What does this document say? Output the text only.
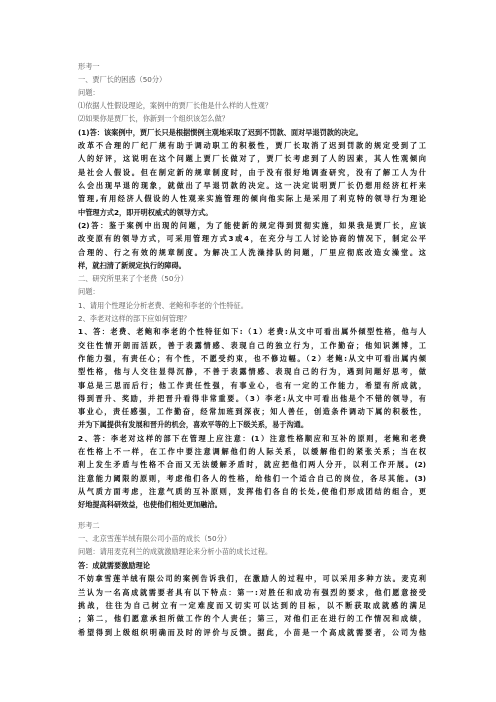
形考一
一、贾厂长的困惑（50分）
问题：
⑴依据人性假设理论，案例中的贾厂长他是什么样的人性观？
⑵如果你是贾厂长，你新到一个组织该怎么做？
(1)答：该案例中，贾厂长只是根据惯例主观地采取了迟到不罚款、面对早退罚款的决定。
改革不合理的厂纪厂规有助于调动职工的积极性，贾厂长取消了迟到罚款的规定受到了工
人的好评，这说明在这个问题上贾厂长做对了，贾厂长考虑到了人的因素，其人性观倾向
是社会人假设。但在制定新的规章制度时，由于没有很好地调查研究，没有了解工人为什
么会出现早退的现象，就做出了早退罚款的决定。这一决定说明贾厂长仍想用经济杠杆来
管理,有用经济人假设的人性观来实施管理的倾向他实际上是采用了利克特的领导行为理论
中管理方式2，即开明权威式的领导方式。
(2)答：鉴于案例中出现的问题，为了能使新的规定得到贯彻实施，如果我是贾厂长，应该
改变原有的领导方式，可采用管理方式3或4，在充分与工人讨论协商的情况下，制定公平
合理的、行之有效的规章制度。为解决工人洗澡排队的问题，厂里应彻底改造女澡堂。这
样，就扫清了新规定执行的障碍。
二、研究所里来了个老费（50分）
问题：
1、请用个性理论分析老费、老鲍和李老的个性特征。
2、李老对这样的部下应如何管理？
1、答：老费、老鲍和李老的个性特征如下:（1）老费:从文中可看出属外倾型性格，他与人
交往性情开朗而活跃，善于表露情感、表现自己的独立行为，工作勤奋；他知识渊博，工
作能力强，有责任心；有个性，不愿受约束，也不修边幅。（2）老鲍:从文中可看出属内倾
型性格，他与人交往显得沉静，不善于表露情感、表现自己的行为，遇到问题好思考，做
事总是三思而后行；他工作责任性强，有事业心，也有一定的工作能力，希望有所成就，
得到晋升、奖励，并把晋升看得非常重要。（3）李老:从文中可看出他是个不错的领导，有
事业心，责任感强，工作勤奋，经常加班到深夜；知人善任，创造条件调动下属的积极性，
并为下属提供有发展和晋升的机会，喜欢平等的上下级关系，易于沟通。
2、答：李老对这样的部下在管理上应注意：(1）注意性格顺应和互补的原则，老鲍和老费
在性格上不一样，在工作中要注意调解他们的人际关系，以缓解他们的紧张关系；当在权
利上发生矛盾与性格不合而又无法缓解矛盾时，就应把他们两人分开，以利工作开展。(2)
注意能力阈限的原则，考虑他们各人的性格，给他们一个适合自己的岗位，各尽其能。(3)
从气质方面考虑，注意气质的互补原则，发挥他们各自的长处,使他们形成团结的组合，更
好地提高科研效益，也使他们相处更加融洽。
形考二
一、北京雪莲羊绒有限公司小苗的成长（50分）
问题：请用麦克利兰的成就激励理论来分析小苗的成长过程。
答：成就需要激励理论
不妨拿雪莲羊绒有限公司的案例告诉我们，在激励人的过程中，可以采用多种方法。麦克利
兰认为一名高成就需要者具有以下特点：第一:对胜任和成功有强烈的要求，他们愿意接受
挑战，往往为自己树立有一定难度而又切实可以达到的目标，以不断获取成就感的满足
；第二，他们愿意承担所做工作的个人责任；第三，对他们正在进行的工作情况和成绩，
希望得到上级组织明确而及时的评价与反馈。据此，小苗是一个高成就需要者，公司为他
